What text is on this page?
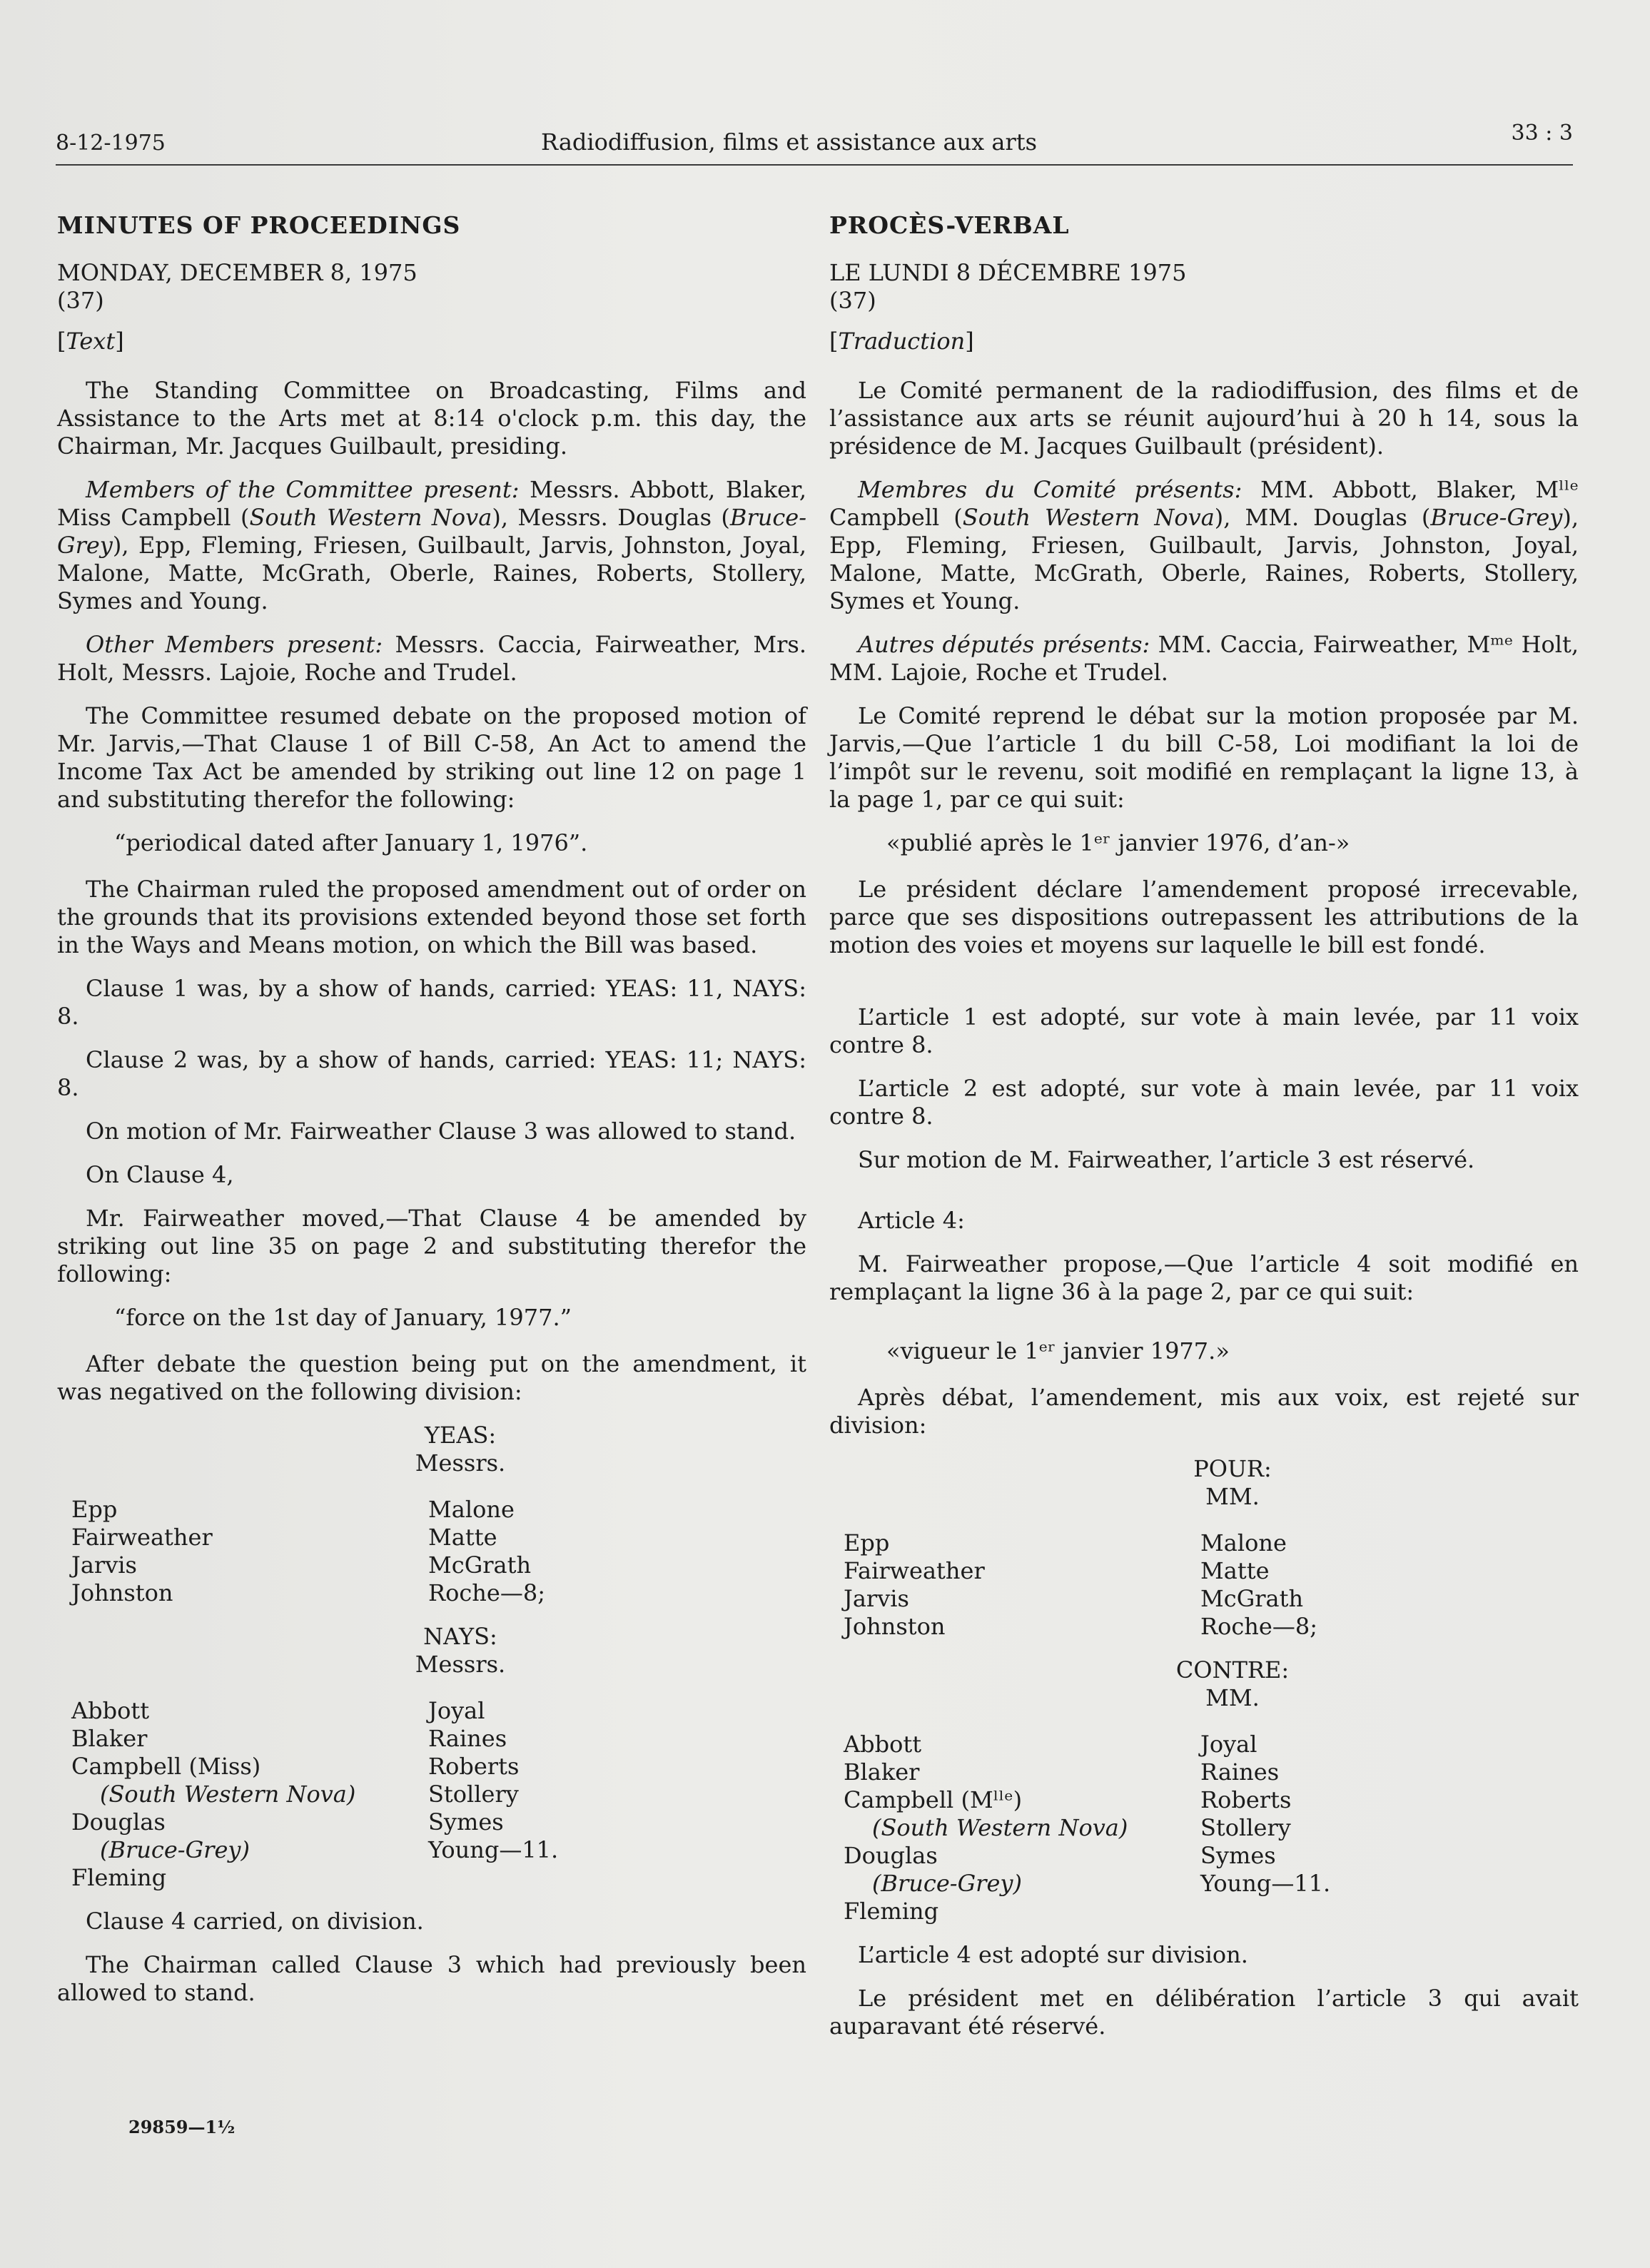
8-12-1975	Radiodiffusion, films et assistance aux arts	33 : 3
MINUTES OF PROCEEDINGS
MONDAY, DECEMBER 8, 1975
(37)
[Text]

The Standing Committee on Broadcasting, Films and Assistance to the Arts met at 8:14 o'clock p.m. this day, the Chairman, Mr. Jacques Guilbault, presiding.

Members of the Committee present: Messrs. Abbott, Blaker, Miss Campbell (South Western Nova), Messrs. Douglas (Bruce-Grey), Epp, Fleming, Friesen, Guilbault, Jarvis, Johnston, Joyal, Malone, Matte, McGrath, Oberle, Raines, Roberts, Stollery, Symes and Young.

Other Members present: Messrs. Caccia, Fairweather, Mrs. Holt, Messrs. Lajoie, Roche and Trudel.

The Committee resumed debate on the proposed motion of Mr. Jarvis,—That Clause 1 of Bill C-58, An Act to amend the Income Tax Act be amended by striking out line 12 on page 1 and substituting therefor the following:

“periodical dated after January 1, 1976”.

The Chairman ruled the proposed amendment out of order on the grounds that its provisions extended beyond those set forth in the Ways and Means motion, on which the Bill was based.

Clause 1 was, by a show of hands, carried: YEAS: 11, NAYS: 8.

Clause 2 was, by a show of hands, carried: YEAS: 11; NAYS: 8.

On motion of Mr. Fairweather Clause 3 was allowed to stand.

On Clause 4,

Mr. Fairweather moved,—That Clause 4 be amended by striking out line 35 on page 2 and substituting therefor the following:

“force on the 1st day of January, 1977.”

After debate the question being put on the amendment, it was negatived on the following division:

YEAS:
Messrs.
Epp	Malone
Fairweather	Matte
Jarvis	McGrath
Johnston	Roche—8;
NAYS:
Messrs.
Abbott	Joyal
Blaker	Raines
Campbell (Miss)	Roberts
(South Western Nova)	Stollery
Douglas	Symes
(Bruce-Grey)	Young—11.
Fleming

Clause 4 carried, on division.

The Chairman called Clause 3 which had previously been allowed to stand.

PROCÈS-VERBAL
LE LUNDI 8 DÉCEMBRE 1975
(37)
[Traduction]

Le Comité permanent de la radiodiffusion, des films et de l’assistance aux arts se réunit aujourd’hui à 20 h 14, sous la présidence de M. Jacques Guilbault (président).

Membres du Comité présents: MM. Abbott, Blaker, Mˡˡᵉ Campbell (South Western Nova), MM. Douglas (Bruce-Grey), Epp, Fleming, Friesen, Guilbault, Jarvis, Johnston, Joyal, Malone, Matte, McGrath, Oberle, Raines, Roberts, Stollery, Symes et Young.

Autres députés présents: MM. Caccia, Fairweather, Mᵐᵉ Holt, MM. Lajoie, Roche et Trudel.

Le Comité reprend le débat sur la motion proposée par M. Jarvis,—Que l’article 1 du bill C-58, Loi modifiant la loi de l’impôt sur le revenu, soit modifié en remplaçant la ligne 13, à la page 1, par ce qui suit:

«publié après le 1ᵉʳ janvier 1976, d’an-»

Le président déclare l’amendement proposé irrecevable, parce que ses dispositions outrepassent les attributions de la motion des voies et moyens sur laquelle le bill est fondé.

L’article 1 est adopté, sur vote à main levée, par 11 voix contre 8.

L’article 2 est adopté, sur vote à main levée, par 11 voix contre 8.

Sur motion de M. Fairweather, l’article 3 est réservé.

Article 4:

M. Fairweather propose,—Que l’article 4 soit modifié en remplaçant la ligne 36 à la page 2, par ce qui suit:

«vigueur le 1ᵉʳ janvier 1977.»

Après débat, l’amendement, mis aux voix, est rejeté sur division:

POUR:
MM.
Epp	Malone
Fairweather	Matte
Jarvis	McGrath
Johnston	Roche—8;
CONTRE:
MM.
Abbott	Joyal
Blaker	Raines
Campbell (Mˡˡᵉ)	Roberts
(South Western Nova)	Stollery
Douglas	Symes
(Bruce-Grey)	Young—11.
Fleming

L’article 4 est adopté sur division.

Le président met en délibération l’article 3 qui avait auparavant été réservé.

29859—1½
